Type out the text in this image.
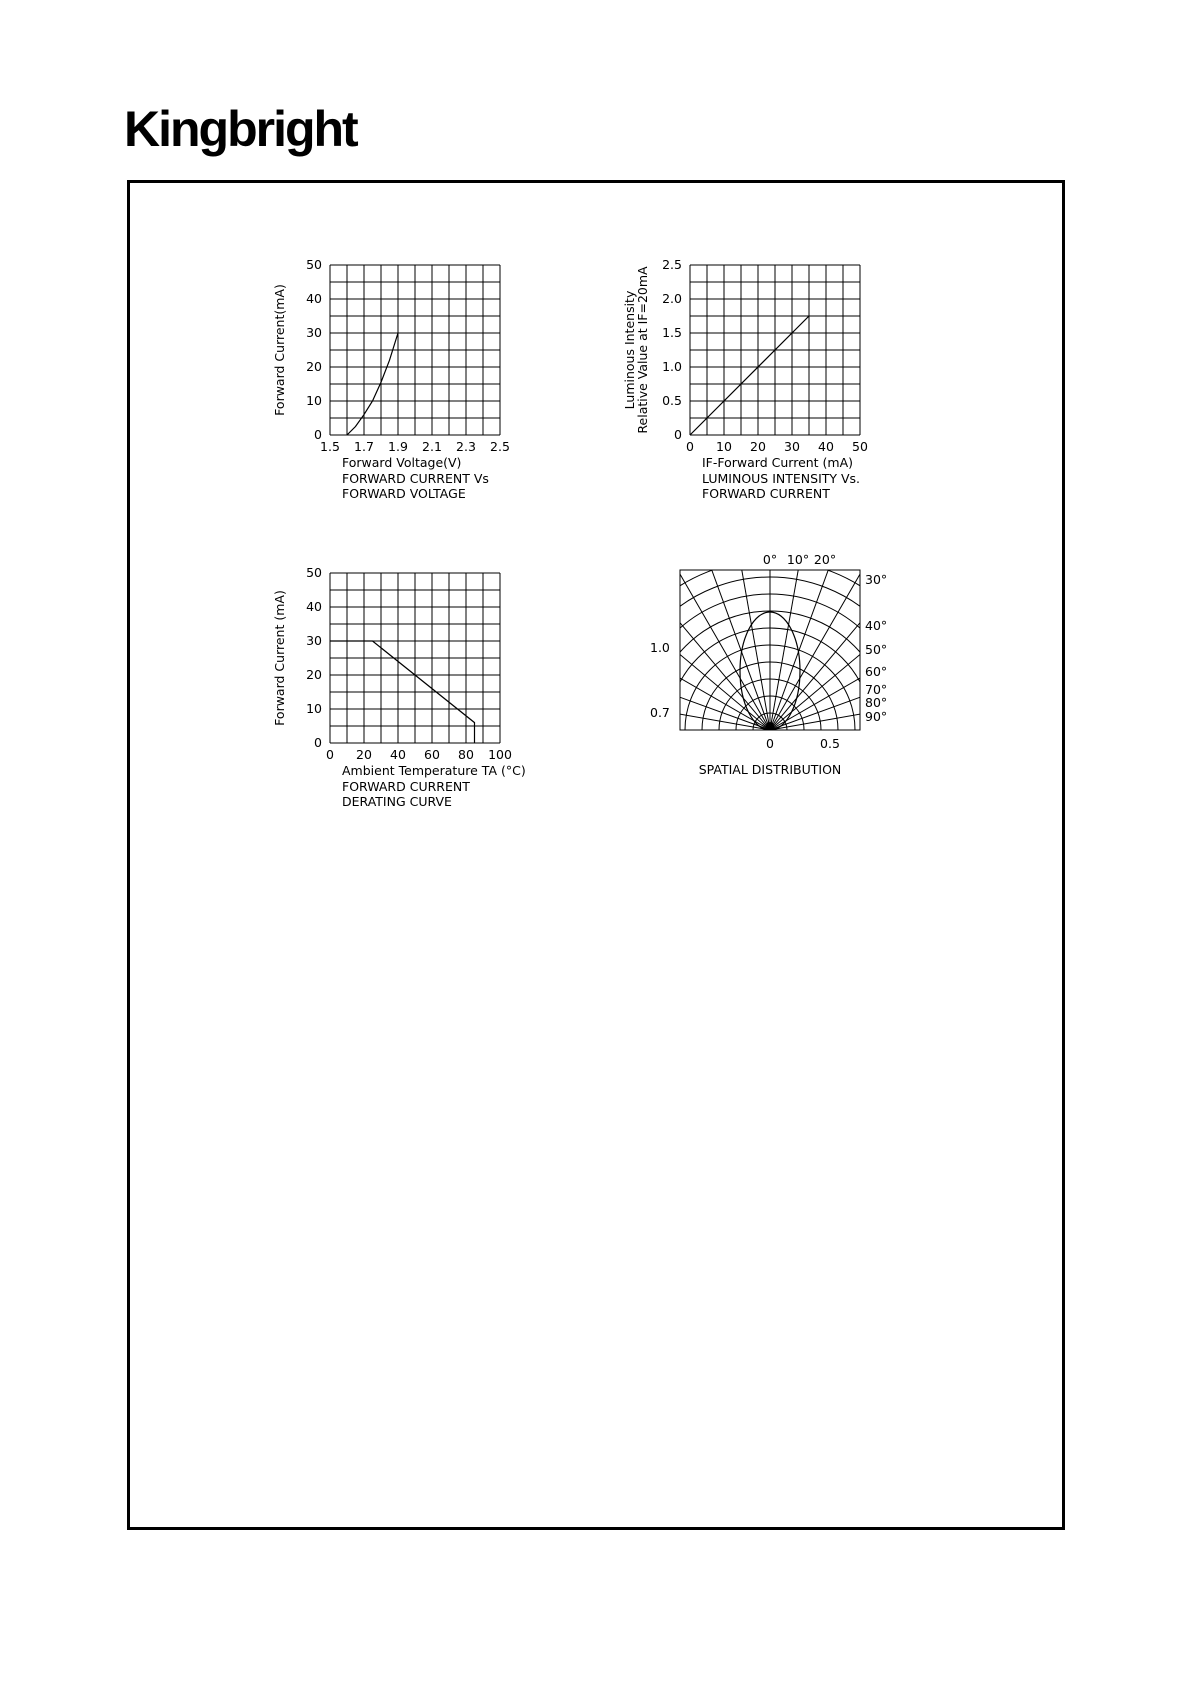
Kingbright
1.5 1.7 1.9 2.1 2.3 2.5
0
10
20
30
40
50
Forward Voltage(V)
Forward Current(mA)
FORWARD CURRENT Vs
FORWARD VOLTAGE
0 10 20 30 40 50
0
0.5
1.0
1.5
2.0
2.5
IF-Forward Current (mA)
Luminous Intensity
Relative Value at IF=20mA
LUMINOUS INTENSITY Vs.
FORWARD CURRENT
0 20 40 60 80 100
0
10
20
30
40
50
Ambient Temperature TA (°C)
Forward Current (mA)
FORWARD CURRENT
DERATING CURVE
0° 10° 20°
30°
40°
50°
60°
70°
80°
90°
1.0
0.7
0	0.5
SPATIAL DISTRIBUTION
